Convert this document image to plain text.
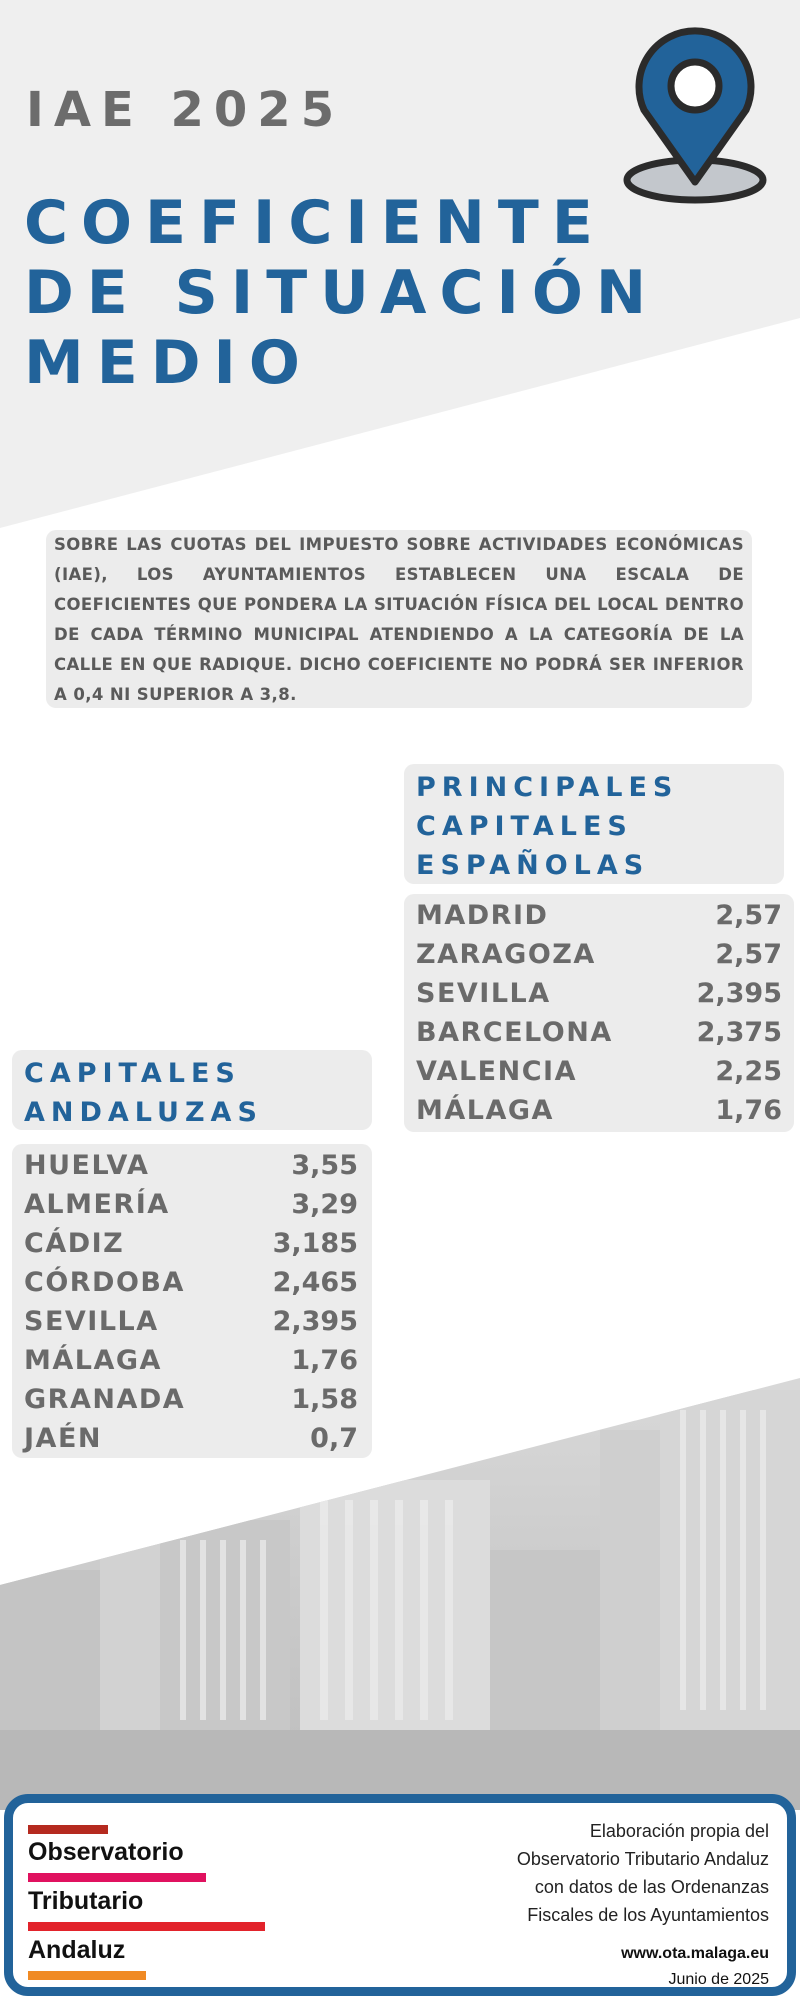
IAE 2025
COEFICIENTE
DE SITUACIÓN
MEDIO

SOBRE LAS CUOTAS DEL IMPUESTO SOBRE ACTIVIDADES ECONÓMICAS (IAE), LOS AYUNTAMIENTOS ESTABLECEN UNA ESCALA DE COEFICIENTES QUE PONDERA LA SITUACIÓN FÍSICA DEL LOCAL DENTRO DE CADA TÉRMINO MUNICIPAL ATENDIENDO A LA CATEGORÍA DE LA CALLE EN QUE RADIQUE. DICHO COEFICIENTE NO PODRÁ SER INFERIOR A 0,4 NI SUPERIOR A 3,8.

PRINCIPALES
CAPITALES
ESPAÑOLAS
MADRID	2,57
ZARAGOZA	2,57
SEVILLA	2,395
BARCELONA	2,375
VALENCIA	2,25
MÁLAGA	1,76
CAPITALES
ANDALUZAS
HUELVA	3,55
ALMERÍA	3,29
CÁDIZ	3,185
CÓRDOBA	2,465
SEVILLA	2,395
MÁLAGA	1,76
GRANADA	1,58
JAÉN	0,7
Observatorio
Tributario
Andaluz
Elaboración propia del
Observatorio Tributario Andaluz
con datos de las Ordenanzas
Fiscales de los Ayuntamientos
www.ota.malaga.eu
Junio de 2025
